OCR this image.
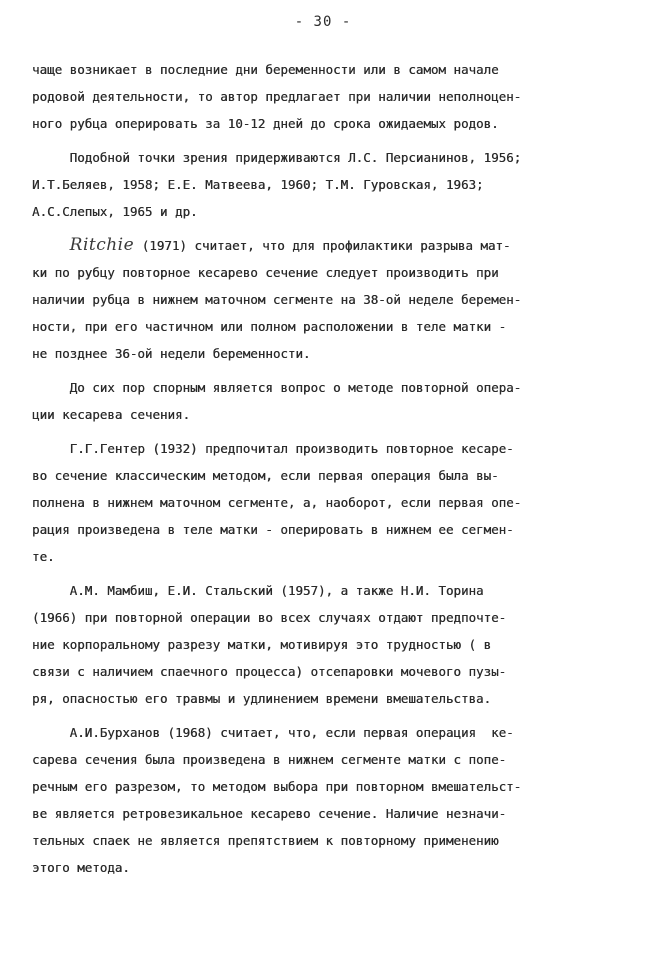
- 30 -
чаще возникает в последние дни беременности или в самом начале
родовой деятельности, то автор предлагает при наличии неполноцен-
ного рубца оперировать за 10-12 дней до срока ожидаемых родов.
Подобной точки зрения придерживаются Л.С. Персианинов, 1956;
И.Т.Беляев, 1958; Е.Е. Матвеева, 1960; Т.М. Гуровская, 1963;
А.С.Слепых, 1965 и др.
Ritchie (1971) считает, что для профилактики разрыва мат-
ки по рубцу повторное кесарево сечение следует производить при
наличии рубца в нижнем маточном сегменте на 38-ой неделе беремен-
ности, при его частичном или полном расположении в теле матки -
не позднее 36-ой недели беременности.
До сих пор спорным является вопрос о методе повторной опера-
ции кесарева сечения.
Г.Г.Гентер (1932) предпочитал производить повторное кесаре-
во сечение классическим методом, если первая операция была вы-
полнена в нижнем маточном сегменте, а, наоборот, если первая опе-
рация произведена в теле матки - оперировать в нижнем ее сегмен-
те.
А.М. Мамбиш, Е.И. Стальский (1957), а также Н.И. Торина
(1966) при повторной операции во всех случаях отдают предпочте-
ние корпоральному разрезу матки, мотивируя это трудностью ( в
связи с наличием спаечного процесса) отсепаровки мочевого пузы-
ря, опасностью его травмы и удлинением времени вмешательства.
А.И.Бурханов (1968) считает, что, если первая операция  ке-
сарева сечения была произведена в нижнем сегменте матки с попе-
речным его разрезом, то методом выбора при повторном вмешательст-
ве является ретровезикальное кесарево сечение. Наличие незначи-
тельных спаек не является препятствием к повторному применению
этого метода.
